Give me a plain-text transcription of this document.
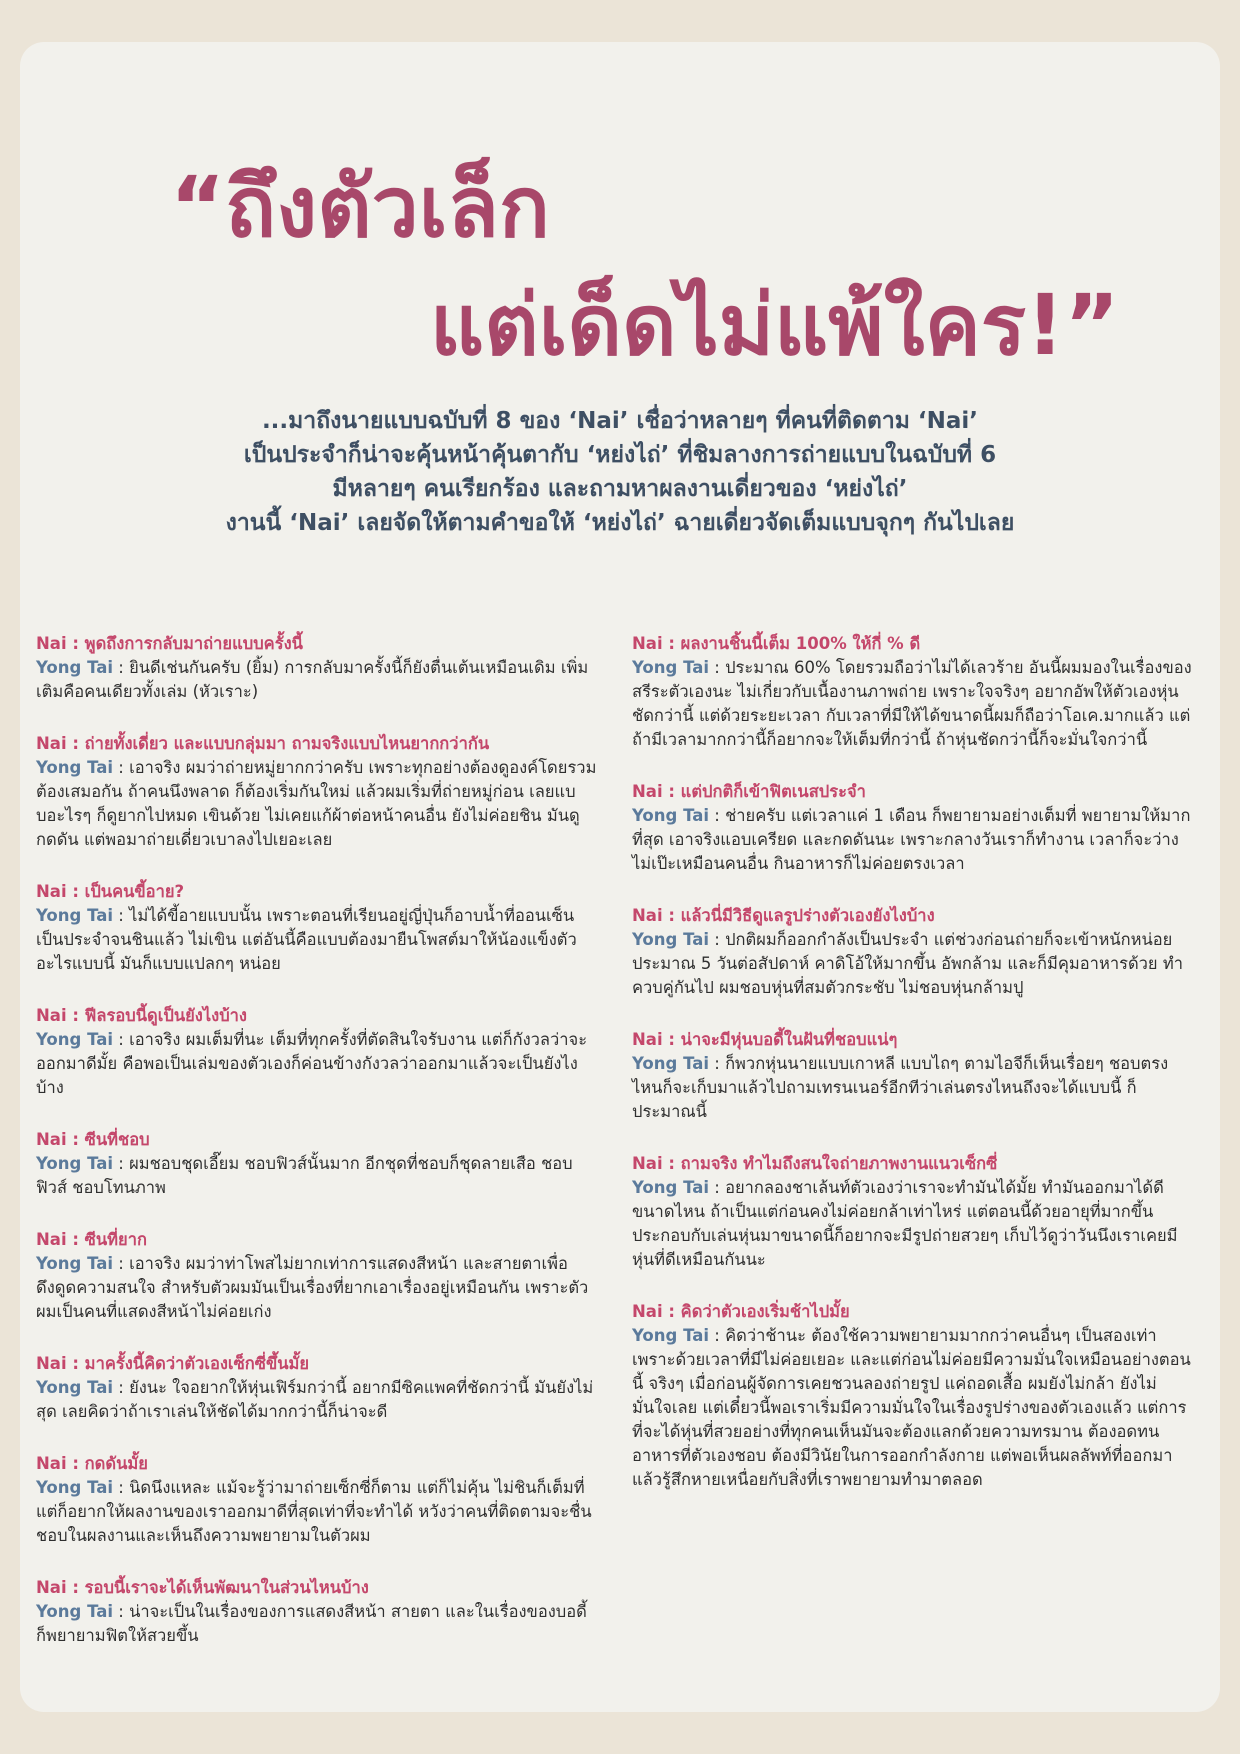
“ถึงตัวเล็ก
แต่เด็ดไม่แพ้ใคร!”
...มาถึงนายแบบฉบับที่ 8 ของ ‘Nai’ เชื่อว่าหลายๆ ที่คนที่ติดตาม ‘Nai’
เป็นประจำก็น่าจะคุ้นหน้าคุ้นตากับ ‘หย่งไถ่’ ที่ชิมลางการถ่ายแบบในฉบับที่ 6
มีหลายๆ คนเรียกร้อง และถามหาผลงานเดี่ยวของ ‘หย่งไถ่’
งานนี้ ‘Nai’ เลยจัดให้ตามคำขอให้ ‘หย่งไถ่’ ฉายเดี่ยวจัดเต็มแบบจุกๆ กันไปเลย
Nai : พูดถึงการกลับมาถ่ายแบบครั้งนี้
Yong Tai : ยินดีเช่นกันครับ (ยิ้ม) การกลับมาครั้งนี้ก็ยังตื่นเต้นเหมือนเดิม เพิ่มเติมคือคนเดียวทั้งเล่ม (หัวเราะ)
Nai : ถ่ายทั้งเดี่ยว และแบบกลุ่มมา ถามจริงแบบไหนยากกว่ากัน
Yong Tai : เอาจริง ผมว่าถ่ายหมู่ยากกว่าครับ เพราะทุกอย่างต้องดูองค์โดยรวม ต้องเสมอกัน ถ้าคนนึงพลาด ก็ต้องเริ่มกันใหม่ แล้วผมเริ่มที่ถ่ายหมู่ก่อน เลยแบบอะไรๆ ก็ดูยากไปหมด เขินด้วย ไม่เคยแก้ผ้าต่อหน้าคนอื่น ยังไม่ค่อยชิน มันดูกดดัน แต่พอมาถ่ายเดี่ยวเบาลงไปเยอะเลย
Nai : เป็นคนขี้อาย?
Yong Tai : ไม่ได้ขี้อายแบบนั้น เพราะตอนที่เรียนอยู่ญี่ปุ่นก็อาบน้ำที่ออนเซ็นเป็นประจำจนชินแล้ว ไม่เขิน แต่อันนี้คือแบบต้องมายืนโพสต์มาให้น้องแข็งตัวอะไรแบบนี้ มันก็แบบแปลกๆ หน่อย
Nai : ฟีลรอบนี้ดูเป็นยังไงบ้าง
Yong Tai : เอาจริง ผมเต็มที่นะ เต็มที่ทุกครั้งที่ตัดสินใจรับงาน แต่ก็กังวลว่าจะออกมาดีมั้ย คือพอเป็นเล่มของตัวเองก็ค่อนข้างกังวลว่าออกมาแล้วจะเป็นยังไงบ้าง
Nai : ซีนที่ชอบ
Yong Tai : ผมชอบชุดเอี๊ยม ชอบฟิวส์นั้นมาก อีกชุดที่ชอบก็ชุดลายเสือ ชอบฟิวส์ ชอบโทนภาพ
Nai : ซีนที่ยาก
Yong Tai : เอาจริง ผมว่าท่าโพสไม่ยากเท่าการแสดงสีหน้า และสายตาเพื่อดึงดูดความสนใจ สำหรับตัวผมมันเป็นเรื่องที่ยากเอาเรื่องอยู่เหมือนกัน เพราะตัวผมเป็นคนที่แสดงสีหน้าไม่ค่อยเก่ง
Nai : มาครั้งนี้คิดว่าตัวเองเซ็กซี่ขึ้นมั้ย
Yong Tai : ยังนะ ใจอยากให้หุ่นเฟิร์มกว่านี้ อยากมีซิคแพคที่ชัดกว่านี้ มันยังไม่สุด เลยคิดว่าถ้าเราเล่นให้ชัดได้มากกว่านี้ก็น่าจะดี
Nai : กดดันมั้ย
Yong Tai : นิดนึงแหละ แม้จะรู้ว่ามาถ่ายเซ็กซี่ก็ตาม แต่ก็ไม่คุ้น ไม่ชินก็เต็มที่ แต่ก็อยากให้ผลงานของเราออกมาดีที่สุดเท่าที่จะทำได้ หวังว่าคนที่ติดตามจะชื่นชอบในผลงานและเห็นถึงความพยายามในตัวผม
Nai : รอบนี้เราจะได้เห็นพัฒนาในส่วนไหนบ้าง
Yong Tai : น่าจะเป็นในเรื่องของการแสดงสีหน้า สายตา และในเรื่องของบอดี้ ก็พยายามฟิตให้สวยขึ้น
Nai : ผลงานชิ้นนี้เต็ม 100% ให้กี่ % ดี
Yong Tai : ประมาณ 60% โดยรวมถือว่าไม่ได้เลวร้าย อันนี้ผมมองในเรื่องของสรีระตัวเองนะ ไม่เกี่ยวกับเนื้องานภาพถ่าย เพราะใจจริงๆ อยากอัพให้ตัวเองหุ่นชัดกว่านี้ แต่ด้วยระยะเวลา กับเวลาที่มีให้ได้ขนาดนี้ผมก็ถือว่าโอเค.มากแล้ว แต่ถ้ามีเวลามากกว่านี้ก็อยากจะให้เต็มที่กว่านี้ ถ้าหุ่นชัดกว่านี้ก็จะมั่นใจกว่านี้
Nai : แต่ปกติก็เข้าฟิตเนสประจำ
Yong Tai : ช่ายครับ แต่เวลาแค่ 1 เดือน ก็พยายามอย่างเต็มที่ พยายามให้มากที่สุด เอาจริงแอบเครียด และกดดันนะ เพราะกลางวันเราก็ทำงาน เวลาก็จะว่างไม่เป๊ะเหมือนคนอื่น กินอาหารก็ไม่ค่อยตรงเวลา
Nai : แล้วนี่มีวิธีดูแลรูปร่างตัวเองยังไงบ้าง
Yong Tai : ปกติผมก็ออกกำลังเป็นประจำ แต่ช่วงก่อนถ่ายก็จะเข้าหนักหน่อย ประมาณ 5 วันต่อสัปดาห์ คาดิโอ้ให้มากขึ้น อัพกล้าม และก็มีคุมอาหารด้วย ทำควบคู่กันไป ผมชอบหุ่นที่สมตัวกระชับ ไม่ชอบหุ่นกล้ามปู
Nai : น่าจะมีหุ่นบอดี้ในฝันที่ชอบแน่ๆ
Yong Tai : ก็พวกหุ่นนายแบบเกาหลี แบบไถๆ ตามไอจีก็เห็นเรื่อยๆ ชอบตรงไหนก็จะเก็บมาแล้วไปถามเทรนเนอร์อีกทีว่าเล่นตรงไหนถึงจะได้แบบนี้ ก็ประมาณนี้
Nai : ถามจริง ทำไมถึงสนใจถ่ายภาพงานแนวเซ็กซี่
Yong Tai : อยากลองชาเล้นท์ตัวเองว่าเราจะทำมันได้มั้ย ทำมันออกมาได้ดีขนาดไหน ถ้าเป็นแต่ก่อนคงไม่ค่อยกล้าเท่าไหร่ แต่ตอนนี้ด้วยอายุที่มากขึ้น ประกอบกับเล่นหุ่นมาขนาดนี้ก็อยากจะมีรูปถ่ายสวยๆ เก็บไว้ดูว่าวันนึงเราเคยมีหุ่นที่ดีเหมือนกันนะ
Nai : คิดว่าตัวเองเริ่มช้าไปมั้ย
Yong Tai : คิดว่าช้านะ ต้องใช้ความพยายามมากกว่าคนอื่นๆ เป็นสองเท่า เพราะด้วยเวลาที่มีไม่ค่อยเยอะ และแต่ก่อนไม่ค่อยมีความมั่นใจเหมือนอย่างตอนนี้ จริงๆ เมื่อก่อนผู้จัดการเคยชวนลองถ่ายรูป แค่ถอดเสื้อ ผมยังไม่กล้า ยังไม่มั่นใจเลย แต่เดี๋ยวนี้พอเราเริ่มมีความมั่นใจในเรื่องรูปร่างของตัวเองแล้ว แต่การที่จะได้หุ่นที่สวยอย่างที่ทุกคนเห็นมันจะต้องแลกด้วยความทรมาน ต้องอดทนอาหารที่ตัวเองชอบ ต้องมีวินัยในการออกกำลังกาย แต่พอเห็นผลลัพท์ที่ออกมาแล้วรู้สึกหายเหนื่อยกับสิ่งที่เราพยายามทำมาตลอด
